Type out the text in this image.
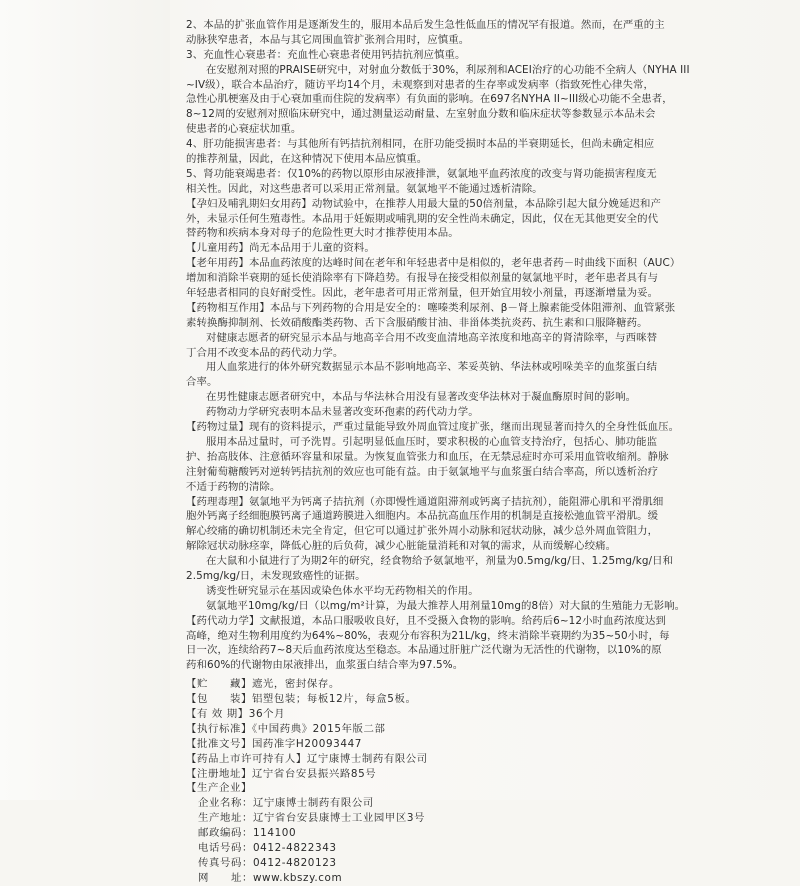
2、本品的扩张血管作用是逐渐发生的，服用本品后发生急性低血压的情况罕有报道。然而，在严重的主
动脉狭窄患者，本品与其它周围血管扩张剂合用时，应慎重。
3、充血性心衰患者：充血性心衰患者使用钙拮抗剂应慎重。
在安慰剂对照的PRAISE研究中，对射血分数低于30%，利尿剂和ACEI治疗的心功能不全病人（NYHA III
~IV级），联合本品治疗，随访平均14个月，未观察到对患者的生存率或发病率（指致死性心律失常，
急性心肌梗塞及由于心衰加重而住院的发病率）有负面的影响。在697名NYHA II~III级心功能不全患者，
8~12周的安慰剂对照临床研究中，通过测量运动耐量、左室射血分数和临床症状等参数显示本品未会
使患者的心衰症状加重。
4、肝功能损害患者：与其他所有钙拮抗剂相同，在肝功能受损时本品的半衰期延长，但尚未确定相应
的推荐剂量，因此，在这种情况下使用本品应慎重。
5、肾功能衰竭患者：仅10%的药物以原形由尿液排泄，氨氯地平血药浓度的改变与肾功能损害程度无
相关性。因此，对这些患者可以采用正常剂量。氨氯地平不能通过透析清除。
【孕妇及哺乳期妇女用药】动物试验中，在推荐人用最大量的50倍剂量，本品除引起大鼠分娩延迟和产
外，未显示任何生殖毒性。本品用于妊娠期或哺乳期的安全性尚未确定，因此，仅在无其他更安全的代
替药物和疾病本身对母子的危险性更大时才推荐使用本品。
【儿童用药】尚无本品用于儿童的资料。
【老年用药】本品血药浓度的达峰时间在老年和年轻患者中是相似的，老年患者药－时曲线下面积（AUC）
增加和消除半衰期的延长使消除率有下降趋势。有报导在接受相似剂量的氨氯地平时，老年患者具有与
年轻患者相同的良好耐受性。因此，老年患者可用正常剂量，但开始宜用较小剂量，再逐渐增量为妥。
【药物相互作用】本品与下列药物的合用是安全的：噻嗪类利尿剂、β－肾上腺素能受体阻滞剂、血管紧张
素转换酶抑制剂、长效硝酸酯类药物、舌下含服硝酸甘油、非甾体类抗炎药、抗生素和口服降糖药。
对健康志愿者的研究显示本品与地高辛合用不改变血清地高辛浓度和地高辛的肾清除率，与西咪替
丁合用不改变本品的药代动力学。
用人血浆进行的体外研究数据显示本品不影响地高辛、苯妥英钠、华法林或吲哚美辛的血浆蛋白结
合率。
在男性健康志愿者研究中，本品与华法林合用没有显著改变华法林对于凝血酶原时间的影响。
药物动力学研究表明本品未显著改变环孢素的药代动力学。
【药物过量】现有的资料提示，严重过量能导致外周血管过度扩张，继而出现显著而持久的全身性低血压。
服用本品过量时，可予洗胃。引起明显低血压时，要求积极的心血管支持治疗，包括心、肺功能监
护、抬高肢体、注意循环容量和尿量。为恢复血管张力和血压，在无禁忌症时亦可采用血管收缩剂。静脉
注射葡萄糖酸钙对逆转钙拮抗剂的效应也可能有益。由于氨氯地平与血浆蛋白结合率高，所以透析治疗
不适于药物的清除。
【药理毒理】氨氯地平为钙离子拮抗剂（亦即慢性通道阻滞剂或钙离子拮抗剂），能阻滞心肌和平滑肌细
胞外钙离子经细胞膜钙离子通道跨膜进入细胞内。本品抗高血压作用的机制是直接松弛血管平滑肌。缓
解心绞痛的确切机制还未完全肯定，但它可以通过扩张外周小动脉和冠状动脉，减少总外周血管阻力，
解除冠状动脉痉挛，降低心脏的后负荷，减少心脏能量消耗和对氧的需求，从而缓解心绞痛。
在大鼠和小鼠进行了为期2年的研究，经食物给予氨氯地平，剂量为0.5mg/kg/日、1.25mg/kg/日和
2.5mg/kg/日，未发现致癌性的证据。
诱变性研究显示在基因或染色体水平均无药物相关的作用。
氨氯地平10mg/kg/日（以mg/m²计算，为最大推荐人用剂量10mg的8倍）对大鼠的生殖能力无影响。
【药代动力学】文献报道，本品口服吸收良好，且不受摄入食物的影响。给药后6~12小时血药浓度达到
高峰，绝对生物利用度约为64%~80%，表观分布容积为21L/kg，终末消除半衰期约为35~50小时，每
日一次，连续给药7~8天后血药浓度达至稳态。本品通过肝脏广泛代谢为无活性的代谢物，以10%的原
药和60%的代谢物由尿液排出，血浆蛋白结合率为97.5%。
【贮　　藏】遮光，密封保存。
【包　　装】铝塑包装；每板12片，每盒5板。
【有 效 期】36个月
【执行标准】《中国药典》2015年版二部
【批准文号】国药准字H20093447
【药品上市许可持有人】辽宁康博士制药有限公司
【注册地址】辽宁省台安县振兴路85号
【生产企业】
企业名称：辽宁康博士制药有限公司
生产地址：辽宁省台安县康博士工业园甲区3号
邮政编码：114100
电话号码：0412-4822343
传真号码：0412-4820123
网　　址：www.kbszy.com
